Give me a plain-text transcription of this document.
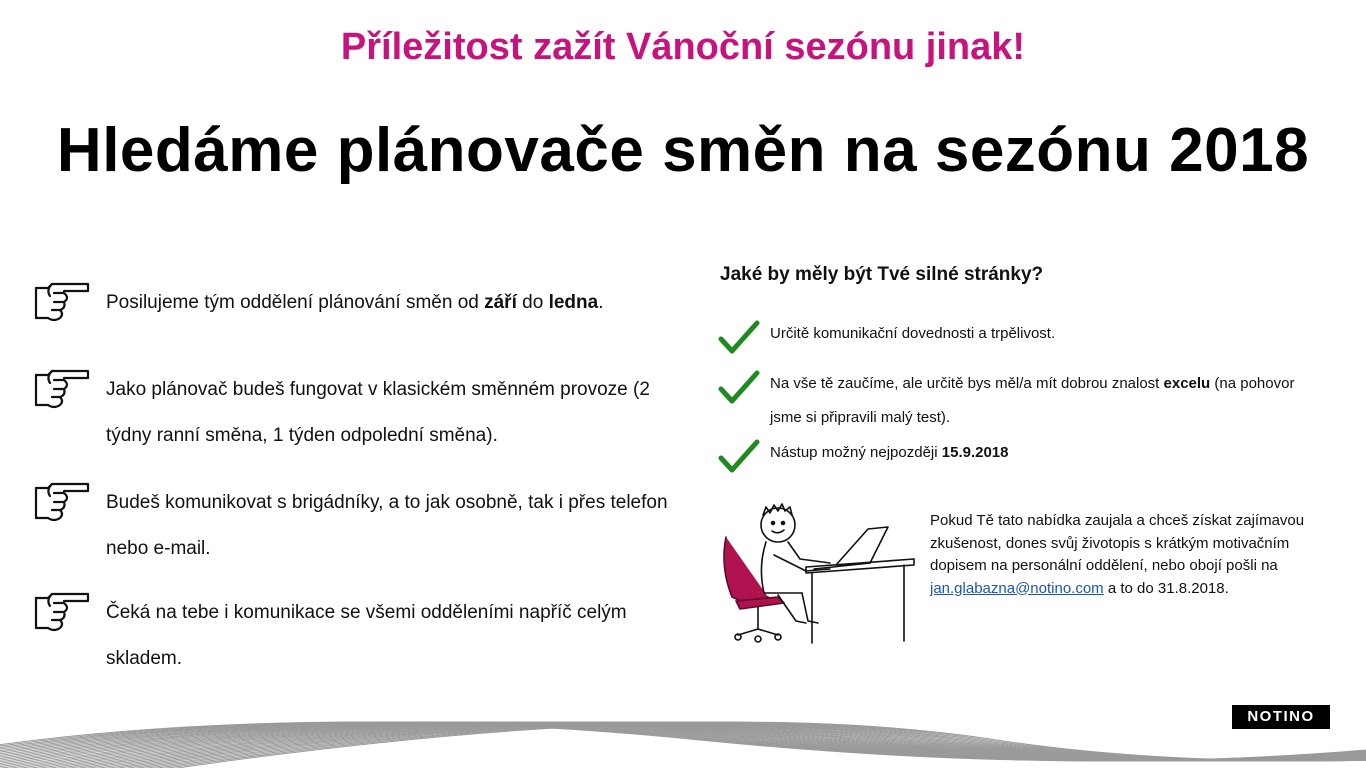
Příležitost zažít Vánoční sezónu jinak!
Hledáme plánovače směn na sezónu 2018
Posilujeme tým oddělení plánování směn od září do ledna.
Jako plánovač budeš fungovat v klasickém směnném provoze (2 týdny ranní směna, 1 týden odpolední směna).
Budeš komunikovat s brigádníky, a to jak osobně, tak i přes telefon nebo e-mail.
Čeká na tebe i komunikace se všemi odděleními napříč celým skladem.
Jaké by měly být Tvé silné stránky?
Určitě komunikační dovednosti a trpělivost.
Na vše tě zaučíme, ale určitě bys měl/a mít dobrou znalost excelu (na pohovor jsme si připravili malý test).
Nástup možný nejpozději 15.9.2018
Pokud Tě tato nabídka zaujala a chceš získat zajímavou zkušenost, dones svůj životopis s krátkým motivačním dopisem na personální oddělení, nebo obojí pošli na jan.glabazna@notino.com a to do 31.8.2018.
NOTINO
